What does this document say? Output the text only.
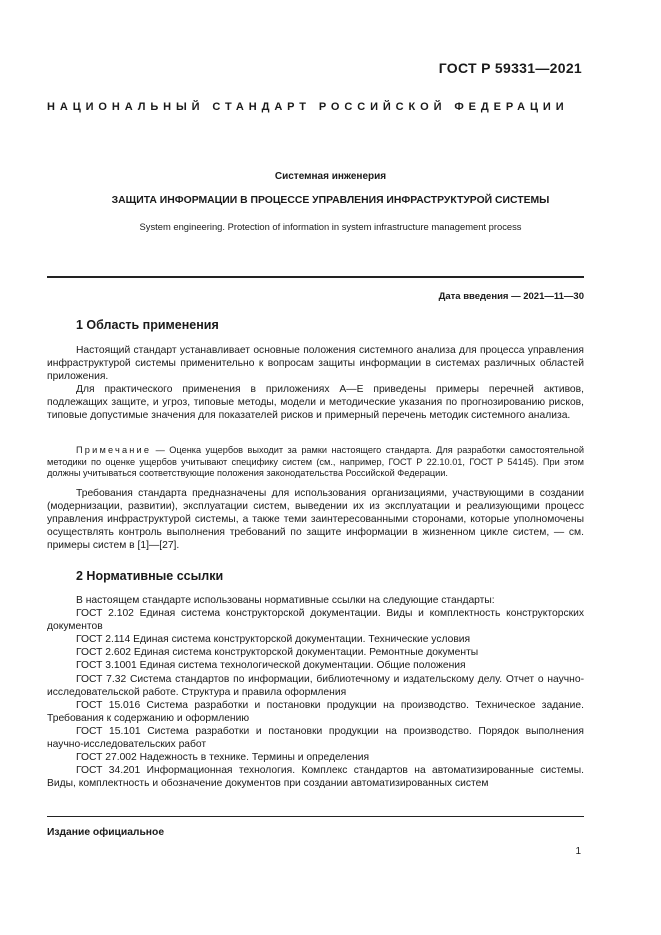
ГОСТ Р 59331—2021
НАЦИОНАЛЬНЫЙ СТАНДАРТ РОССИЙСКОЙ ФЕДЕРАЦИИ
Системная инженерия
ЗАЩИТА ИНФОРМАЦИИ В ПРОЦЕССЕ УПРАВЛЕНИЯ ИНФРАСТРУКТУРОЙ СИСТЕМЫ
System engineering. Protection of information in system infrastructure management process
Дата введения — 2021—11—30
1 Область применения

Настоящий стандарт устанавливает основные положения системного анализа для процесса управления инфраструктурой системы применительно к вопросам защиты информации в системах различных областей приложения.

Для практического применения в приложениях А—Е приведены примеры перечней активов, подлежащих защите, и угроз, типовые методы, модели и методические указания по прогнозированию рисков, типовые допустимые значения для показателей рисков и примерный перечень методик системного анализа.

Примечание — Оценка ущербов выходит за рамки настоящего стандарта. Для разработки самостоятельной методики по оценке ущербов учитывают специфику систем (см., например, ГОСТ Р 22.10.01, ГОСТ Р 54145). При этом должны учитываться соответствующие положения законодательства Российской Федерации.

Требования стандарта предназначены для использования организациями, участвующими в создании (модернизации, развитии), эксплуатации систем, выведении их из эксплуатации и реализующими процесс управления инфраструктурой системы, а также теми заинтересованными сторонами, которые уполномочены осуществлять контроль выполнения требований по защите информации в жизненном цикле систем, — см. примеры систем в [1]—[27].

2 Нормативные ссылки

В настоящем стандарте использованы нормативные ссылки на следующие стандарты:

ГОСТ 2.102 Единая система конструкторской документации. Виды и комплектность конструкторских документов

ГОСТ 2.114 Единая система конструкторской документации. Технические условия

ГОСТ 2.602 Единая система конструкторской документации. Ремонтные документы

ГОСТ 3.1001 Единая система технологической документации. Общие положения

ГОСТ 7.32 Система стандартов по информации, библиотечному и издательскому делу. Отчет о научно-исследовательской работе. Структура и правила оформления

ГОСТ 15.016 Система разработки и постановки продукции на производство. Техническое задание. Требования к содержанию и оформлению

ГОСТ 15.101 Система разработки и постановки продукции на производство. Порядок выполнения научно-исследовательских работ

ГОСТ 27.002 Надежность в технике. Термины и определения

ГОСТ 34.201 Информационная технология. Комплекс стандартов на автоматизированные системы. Виды, комплектность и обозначение документов при создании автоматизированных систем

Издание официальное
1
